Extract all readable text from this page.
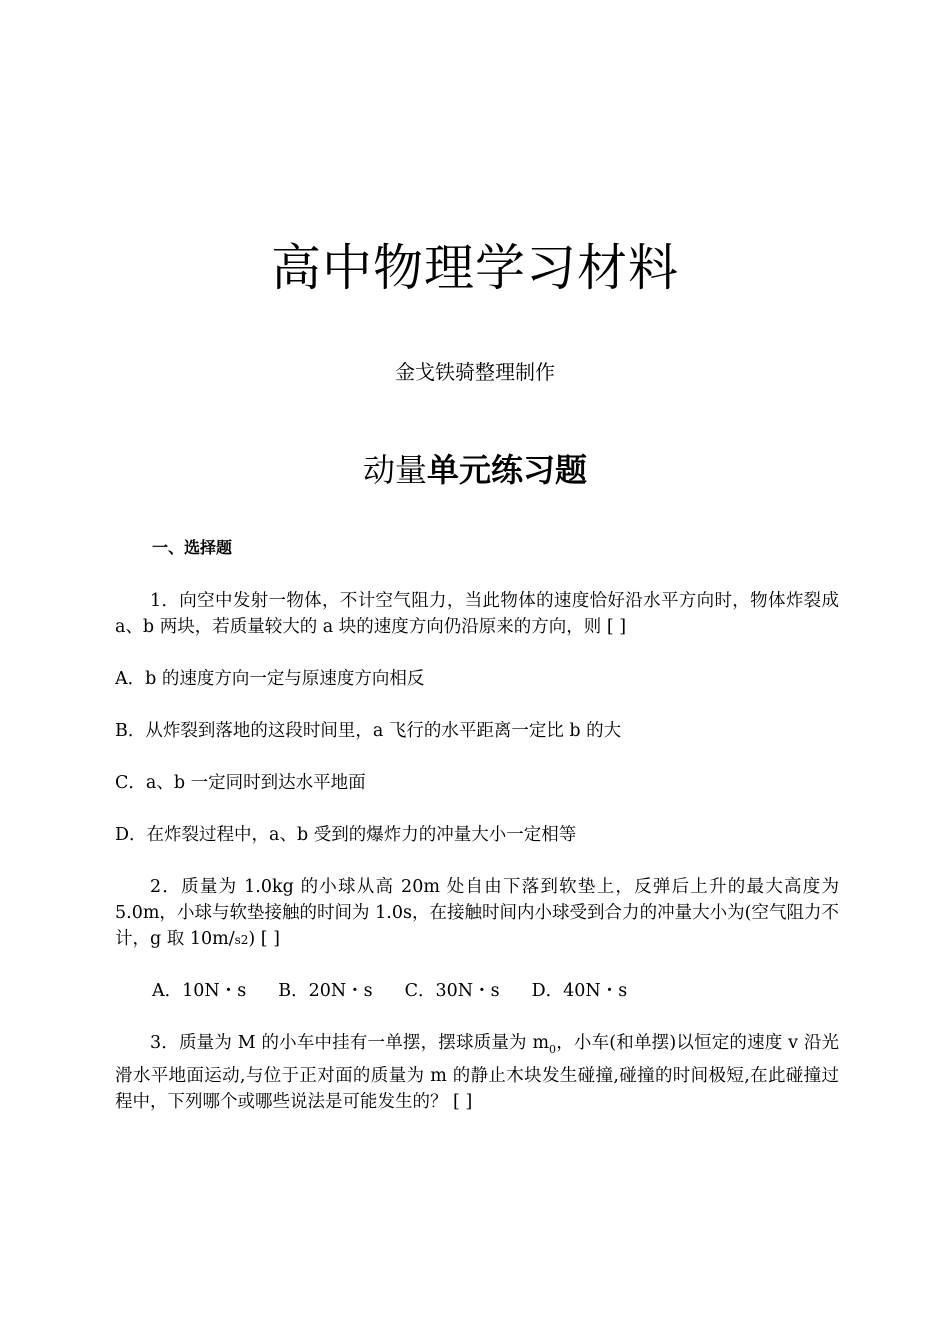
高中物理学习材料
金戈铁骑整理制作
动量单元练习题
一、选择题
1．向空中发射一物体，不计空气阻力，当此物体的速度恰好沿水平方向时，物体炸裂成 a、b 两块，若质量较大的 a 块的速度方向仍沿原来的方向，则 [ ]
A．b 的速度方向一定与原速度方向相反
B．从炸裂到落地的这段时间里，a 飞行的水平距离一定比 b 的大
C．a、b 一定同时到达水平地面
D．在炸裂过程中，a、b 受到的爆炸力的冲量大小一定相等
2．质量为 1.0kg 的小球从高 20m 处自由下落到软垫上，反弹后上升的最大高度为 5.0m，小球与软垫接触的时间为 1.0s，在接触时间内小球受到合力的冲量大小为(空气阻力不计，g 取 10m/s2) [ ]
A．10N・s B．20N・s C．30N・s D．40N・s
3．质量为 M 的小车中挂有一单摆，摆球质量为 $m_0$，小车(和单摆)以恒定的速度 v 沿光滑水平地面运动,与位于正对面的质量为 m 的静止木块发生碰撞,碰撞的时间极短,在此碰撞过程中，下列哪个或哪些说法是可能发生的？ [ ]
